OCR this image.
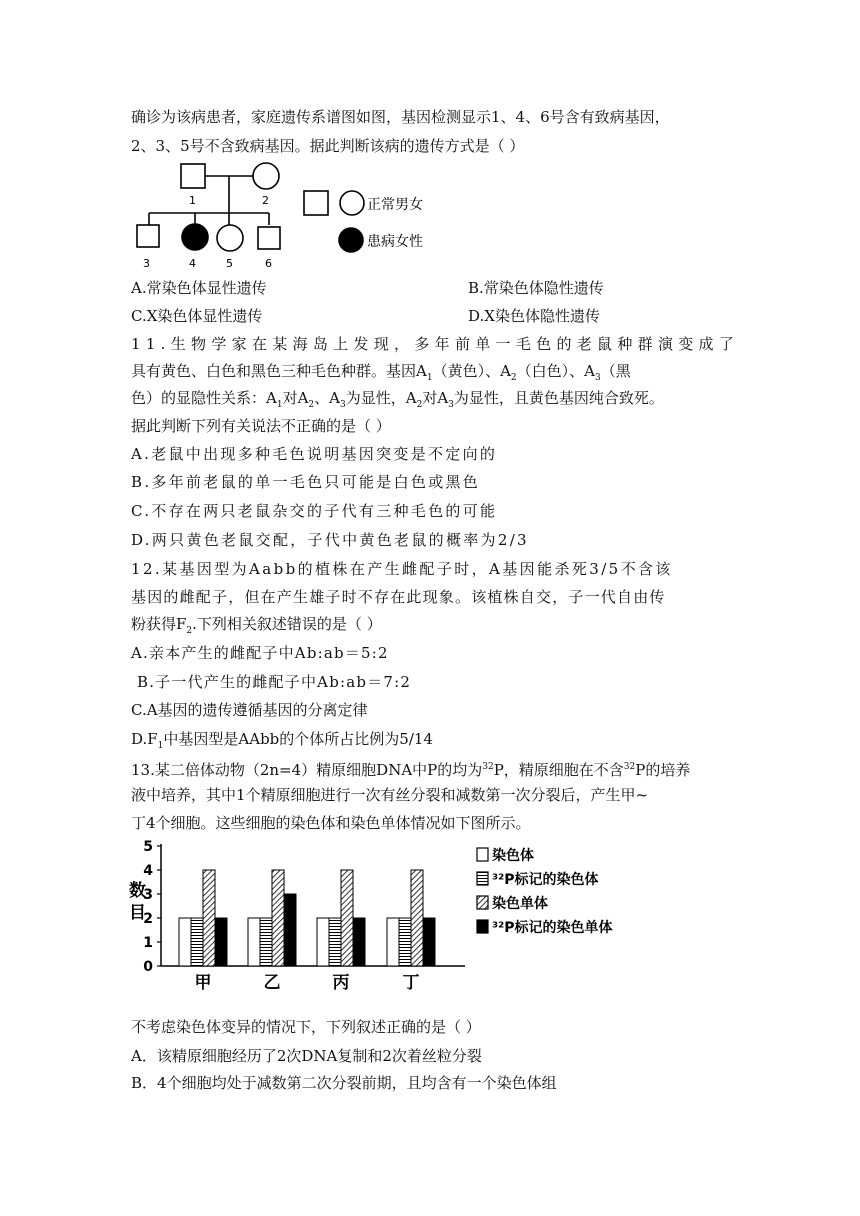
确诊为该病患者，家庭遗传系谱图如图，基因检测显示1、4、6号含有致病基因，
2、3、5号不含致病基因。据此判断该病的遗传方式是（ ）
1	2
3	4	5	6
正常男女
患病女性
A.常染色体显性遗传	B.常染色体隐性遗传
C.X染色体显性遗传	D.X染色体隐性遗传
11.生物学家在某海岛上发现，多年前单一毛色的老鼠种群演变成了
具有黄色、白色和黑色三种毛色种群。基因$A_1$（黄色）、$A_2$（白色）、$A_3$（黑
色）的显隐性关系：$A_1$对$A_2$、$A_3$为显性，$A_2$对$A_3$为显性，且黄色基因纯合致死。
据此判断下列有关说法不正确的是（ ）
A.老鼠中出现多种毛色说明基因突变是不定向的
B.多年前老鼠的单一毛色只可能是白色或黑色
C.不存在两只老鼠杂交的子代有三种毛色的可能
D.两只黄色老鼠交配，子代中黄色老鼠的概率为2/3
12.某基因型为Aabb的植株在产生雌配子时，A基因能杀死3/5不含该
基因的雌配子，但在产生雄子时不存在此现象。该植株自交，子一代自由传
粉获得$F_2$.下列相关叙述错误的是（ ）
A.亲本产生的雌配子中Ab:ab＝5:2
B.子一代产生的雌配子中Ab:ab＝7:2
C.A基因的遗传遵循基因的分离定律
$D.F_1$中基因型是AAbb的个体所占比例为5/14
13.某二倍体动物（2n=4）精原细胞DNA中P的均为$^{32}$P，精原细胞在不含$^{32}$P的培养
液中培养，其中1个精原细胞进行一次有丝分裂和减数第一次分裂后，产生甲~
丁4个细胞。这些细胞的染色体和染色单体情况如下图所示。
0
1
2
3
4
5
数
目
甲	乙	丙	丁
染色体
³²P标记的染色体
染色单体
³²P标记的染色单体
不考虑染色体变异的情况下，下列叙述正确的是（ ）
A．该精原细胞经历了2次DNA复制和2次着丝粒分裂
B．4个细胞均处于减数第二次分裂前期，且均含有一个染色体组
